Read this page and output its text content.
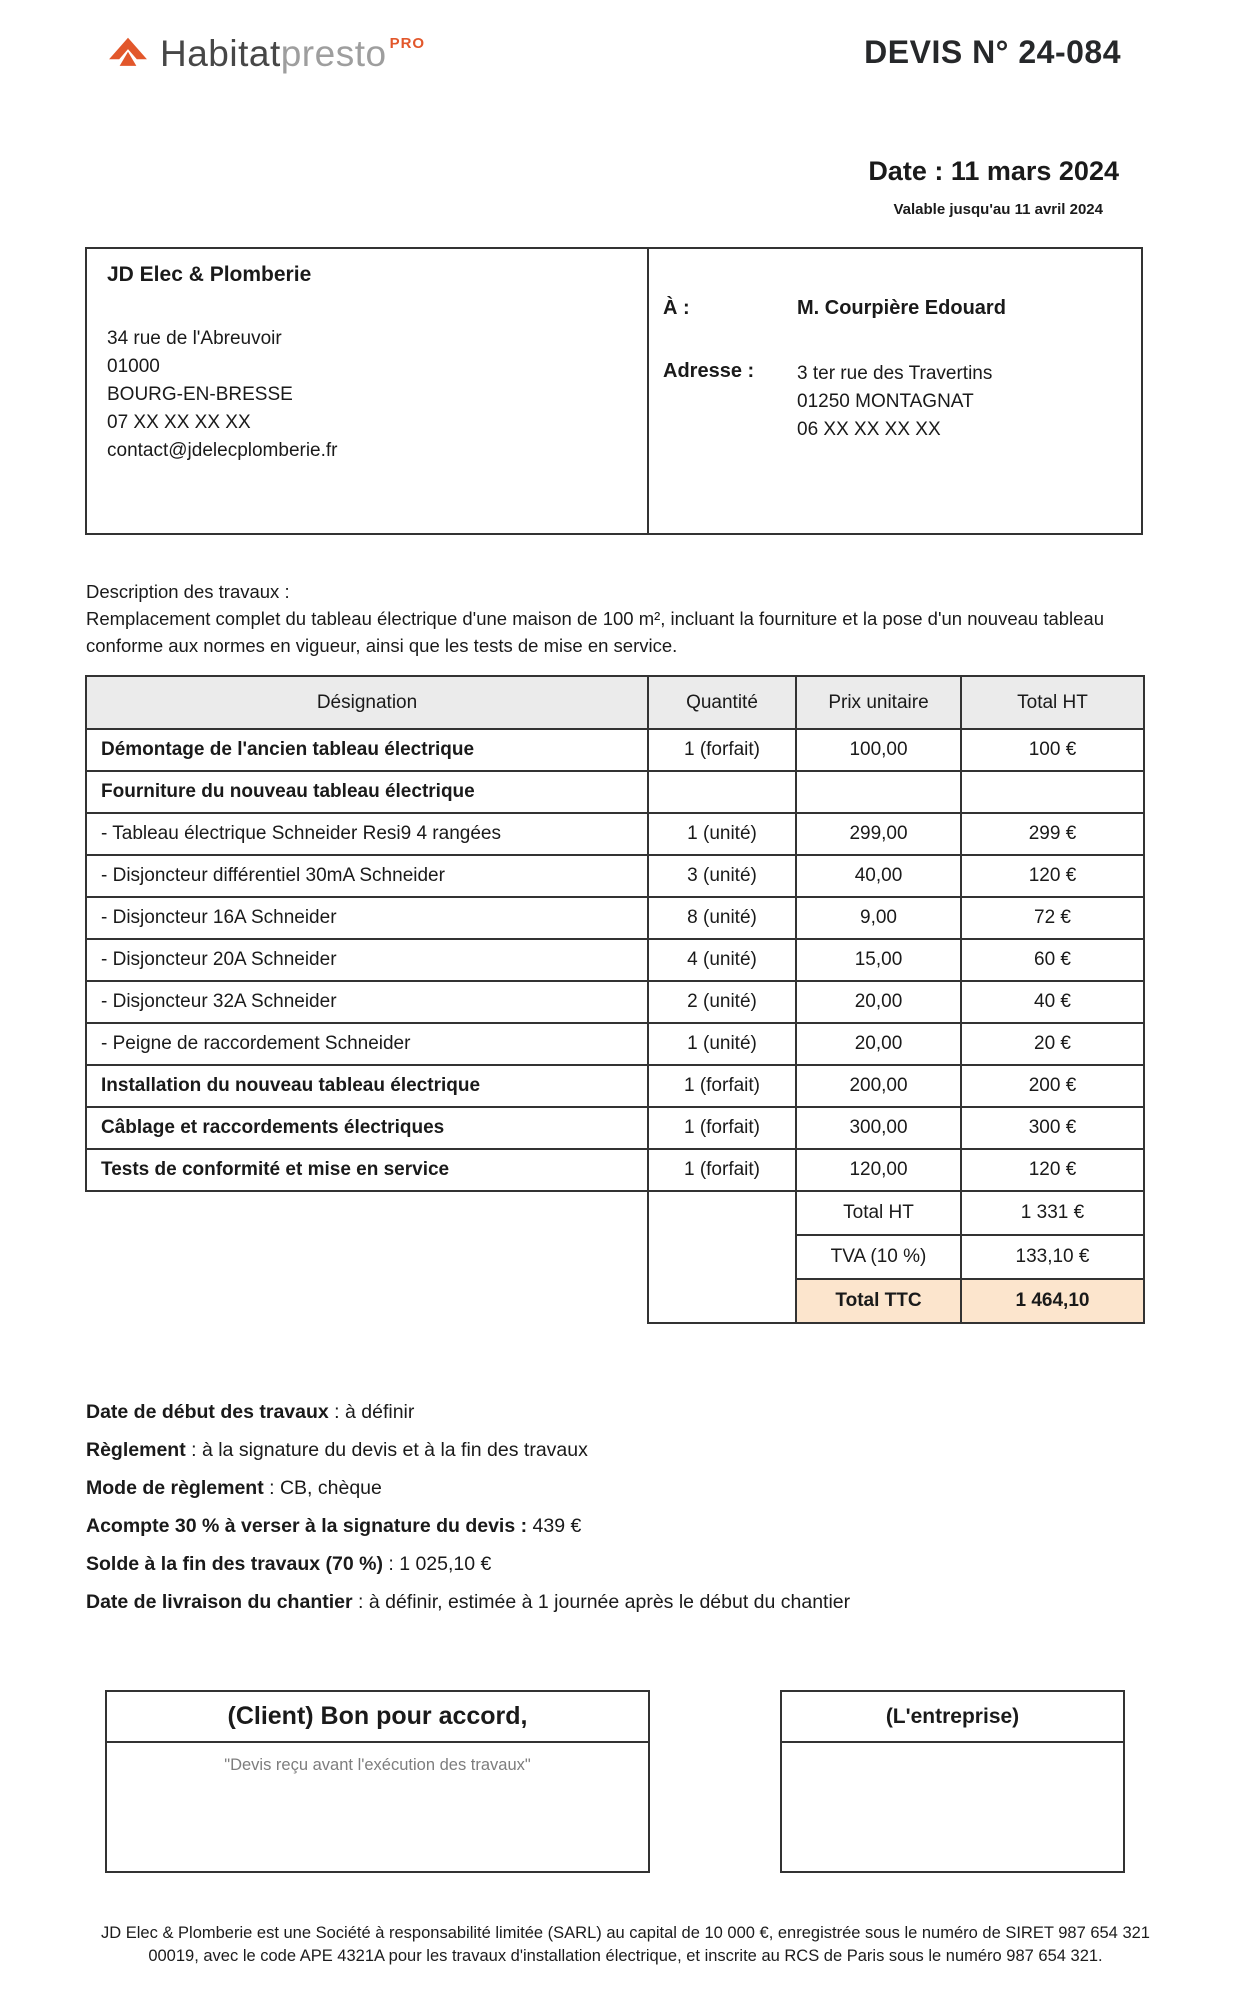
Habitatpresto $^{PRO}$	DEVIS N° 24-084
Date : 11 mars 2024
Valable jusqu'au 11 avril 2024
JD Elec & Plomberie
34 rue de l'Abreuvoir
01000
BOURG-EN-BRESSE
07 XX XX XX XX
contact@jdelecplomberie.fr
À :	M. Courpière Edouard
Adresse :	3 ter rue des Travertins
01250 MONTAGNAT
06 XX XX XX XX
Description des travaux :
Remplacement complet du tableau électrique d'une maison de 100 m², incluant la fourniture et la pose d'un nouveau tableau conforme aux normes en vigueur, ainsi que les tests de mise en service.
Désignation	Quantité	Prix unitaire	Total HT
Démontage de l'ancien tableau électrique	1 (forfait)	100,00	100 €
Fourniture du nouveau tableau électrique			
- Tableau électrique Schneider Resi9 4 rangées	1 (unité)	299,00	299 €
- Disjoncteur différentiel 30mA Schneider	3 (unité)	40,00	120 €
- Disjoncteur 16A Schneider	8 (unité)	9,00	72 €
- Disjoncteur 20A Schneider	4 (unité)	15,00	60 €
- Disjoncteur 32A Schneider	2 (unité)	20,00	40 €
- Peigne de raccordement Schneider	1 (unité)	20,00	20 €
Installation du nouveau tableau électrique	1 (forfait)	200,00	200 €
Câblage et raccordements électriques	1 (forfait)	300,00	300 €
Tests de conformité et mise en service	1 (forfait)	120,00	120 €
	Total HT	1 331 €
	TVA (10 %)	133,10 €
	Total TTC	1 464,10

Date de début des travaux : à définir

Règlement : à la signature du devis et à la fin des travaux

Mode de règlement : CB, chèque

Acompte 30 % à verser à la signature du devis : 439 €

Solde à la fin des travaux (70 %) : 1 025,10 €

Date de livraison du chantier : à définir, estimée à 1 journée après le début du chantier

(Client) Bon pour accord,
"Devis reçu avant l'exécution des travaux"
(L'entreprise)
JD Elec & Plomberie est une Société à responsabilité limitée (SARL) au capital de 10 000 €, enregistrée sous le numéro de SIRET 987 654 321 00019, avec le code APE 4321A pour les travaux d'installation électrique, et inscrite au RCS de Paris sous le numéro 987 654 321.
